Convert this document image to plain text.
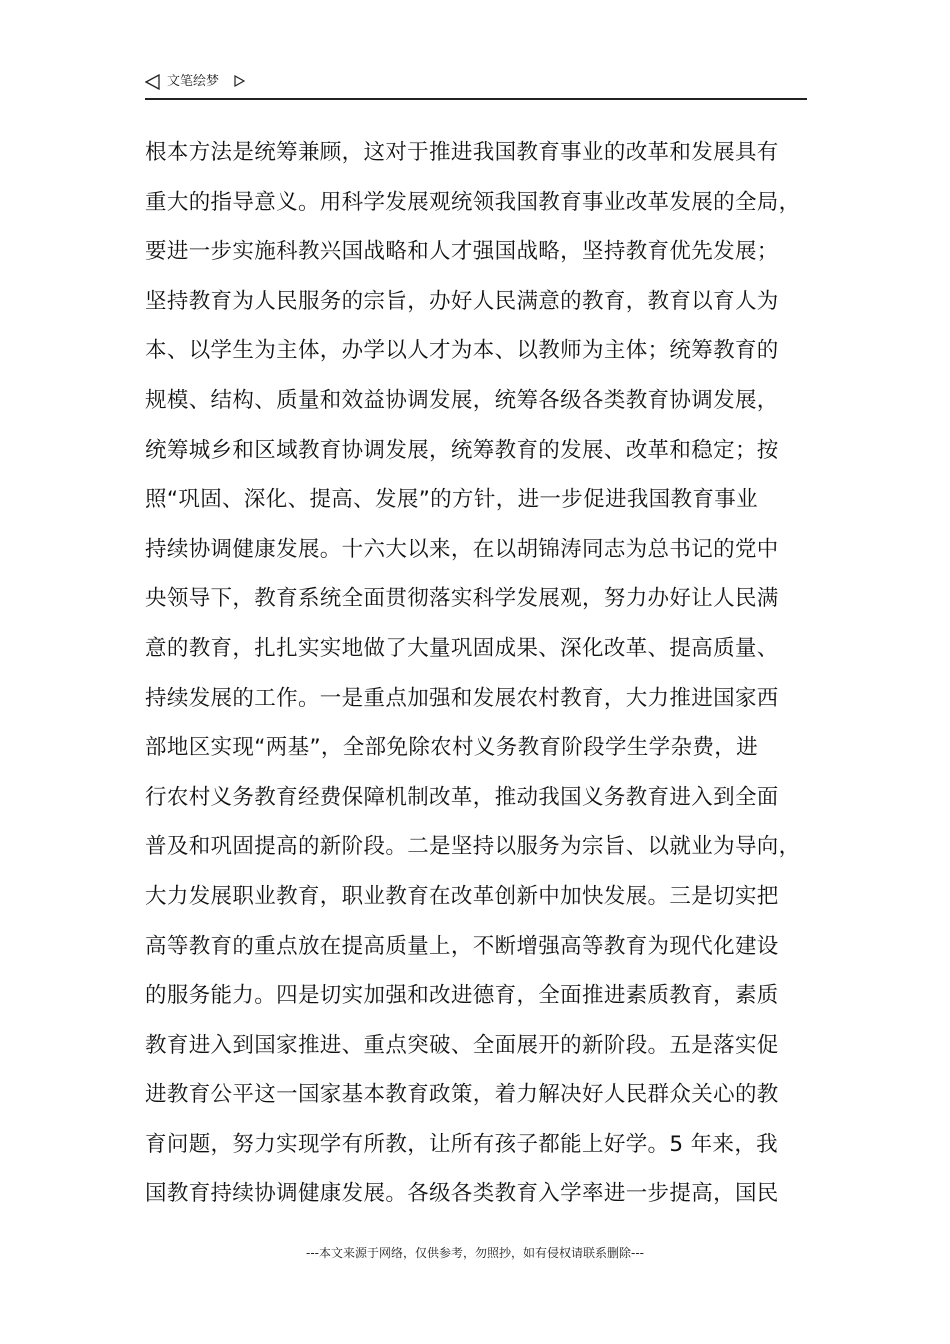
文笔绘梦
根本方法是统筹兼顾，这对于推进我国教育事业的改革和发展具有
重大的指导意义。用科学发展观统领我国教育事业改革发展的全局，
要进一步实施科教兴国战略和人才强国战略，坚持教育优先发展；
坚持教育为人民服务的宗旨，办好人民满意的教育，教育以育人为
本、以学生为主体，办学以人才为本、以教师为主体；统筹教育的
规模、结构、质量和效益协调发展，统筹各级各类教育协调发展，
统筹城乡和区域教育协调发展，统筹教育的发展、改革和稳定；按
照“巩固、深化、提高、发展”的方针，进一步促进我国教育事业
持续协调健康发展。十六大以来，在以胡锦涛同志为总书记的党中
央领导下，教育系统全面贯彻落实科学发展观，努力办好让人民满
意的教育，扎扎实实地做了大量巩固成果、深化改革、提高质量、
持续发展的工作。一是重点加强和发展农村教育，大力推进国家西
部地区实现“两基”，全部免除农村义务教育阶段学生学杂费，进
行农村义务教育经费保障机制改革，推动我国义务教育进入到全面
普及和巩固提高的新阶段。二是坚持以服务为宗旨、以就业为导向，
大力发展职业教育，职业教育在改革创新中加快发展。三是切实把
高等教育的重点放在提高质量上，不断增强高等教育为现代化建设
的服务能力。四是切实加强和改进德育，全面推进素质教育，素质
教育进入到国家推进、重点突破、全面展开的新阶段。五是落实促
进教育公平这一国家基本教育政策，着力解决好人民群众关心的教
育问题，努力实现学有所教，让所有孩子都能上好学。5 年来，我
国教育持续协调健康发展。各级各类教育入学率进一步提高，国民
---本文来源于网络，仅供参考，勿照抄，如有侵权请联系删除---
